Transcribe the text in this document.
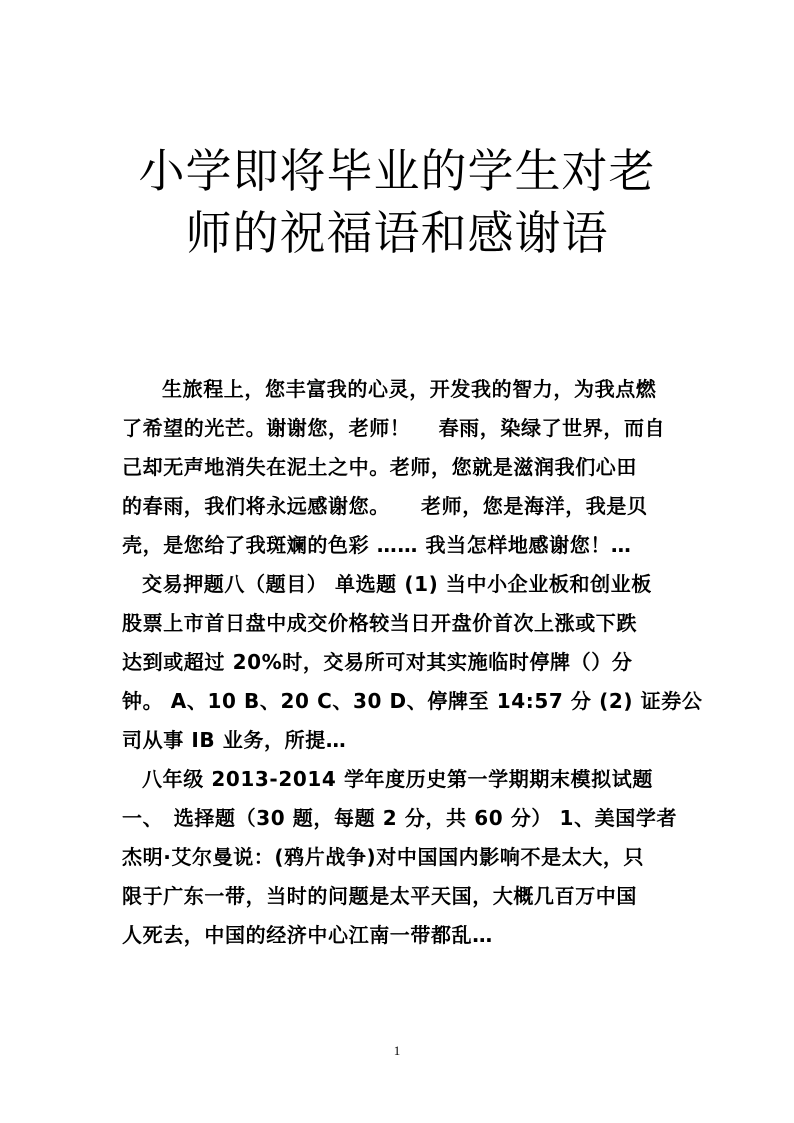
小学即将毕业的学生对老
师的祝福语和感谢语
生旅程上，您丰富我的心灵，开发我的智力，为我点燃
了希望的光芒。谢谢您，老师！　 春雨，染绿了世界，而自
己却无声地消失在泥土之中。老师，您就是滋润我们心田
的春雨，我们将永远感谢您。　　老师，您是海洋，我是贝
壳，是您给了我斑斓的色彩 …… 我当怎样地感谢您！…
交易押题八（题目） 单选题 (1) 当中小企业板和创业板
股票上市首日盘中成交价格较当日开盘价首次上涨或下跌
达到或超过 20%时，交易所可对其实施临时停牌（）分
钟。 A、10 B、20 C、30 D、停牌至 14:57 分 (2) 证券公
司从事 IB 业务，所提…
八年级 2013-2014 学年度历史第一学期期末模拟试题
一、　选择题（30 题，每题 2 分，共 60 分） 1、美国学者
杰明·艾尔曼说：(鸦片战争)对中国国内影响不是太大，只
限于广东一带，当时的问题是太平天国，大概几百万中国
人死去，中国的经济中心江南一带都乱…
1
